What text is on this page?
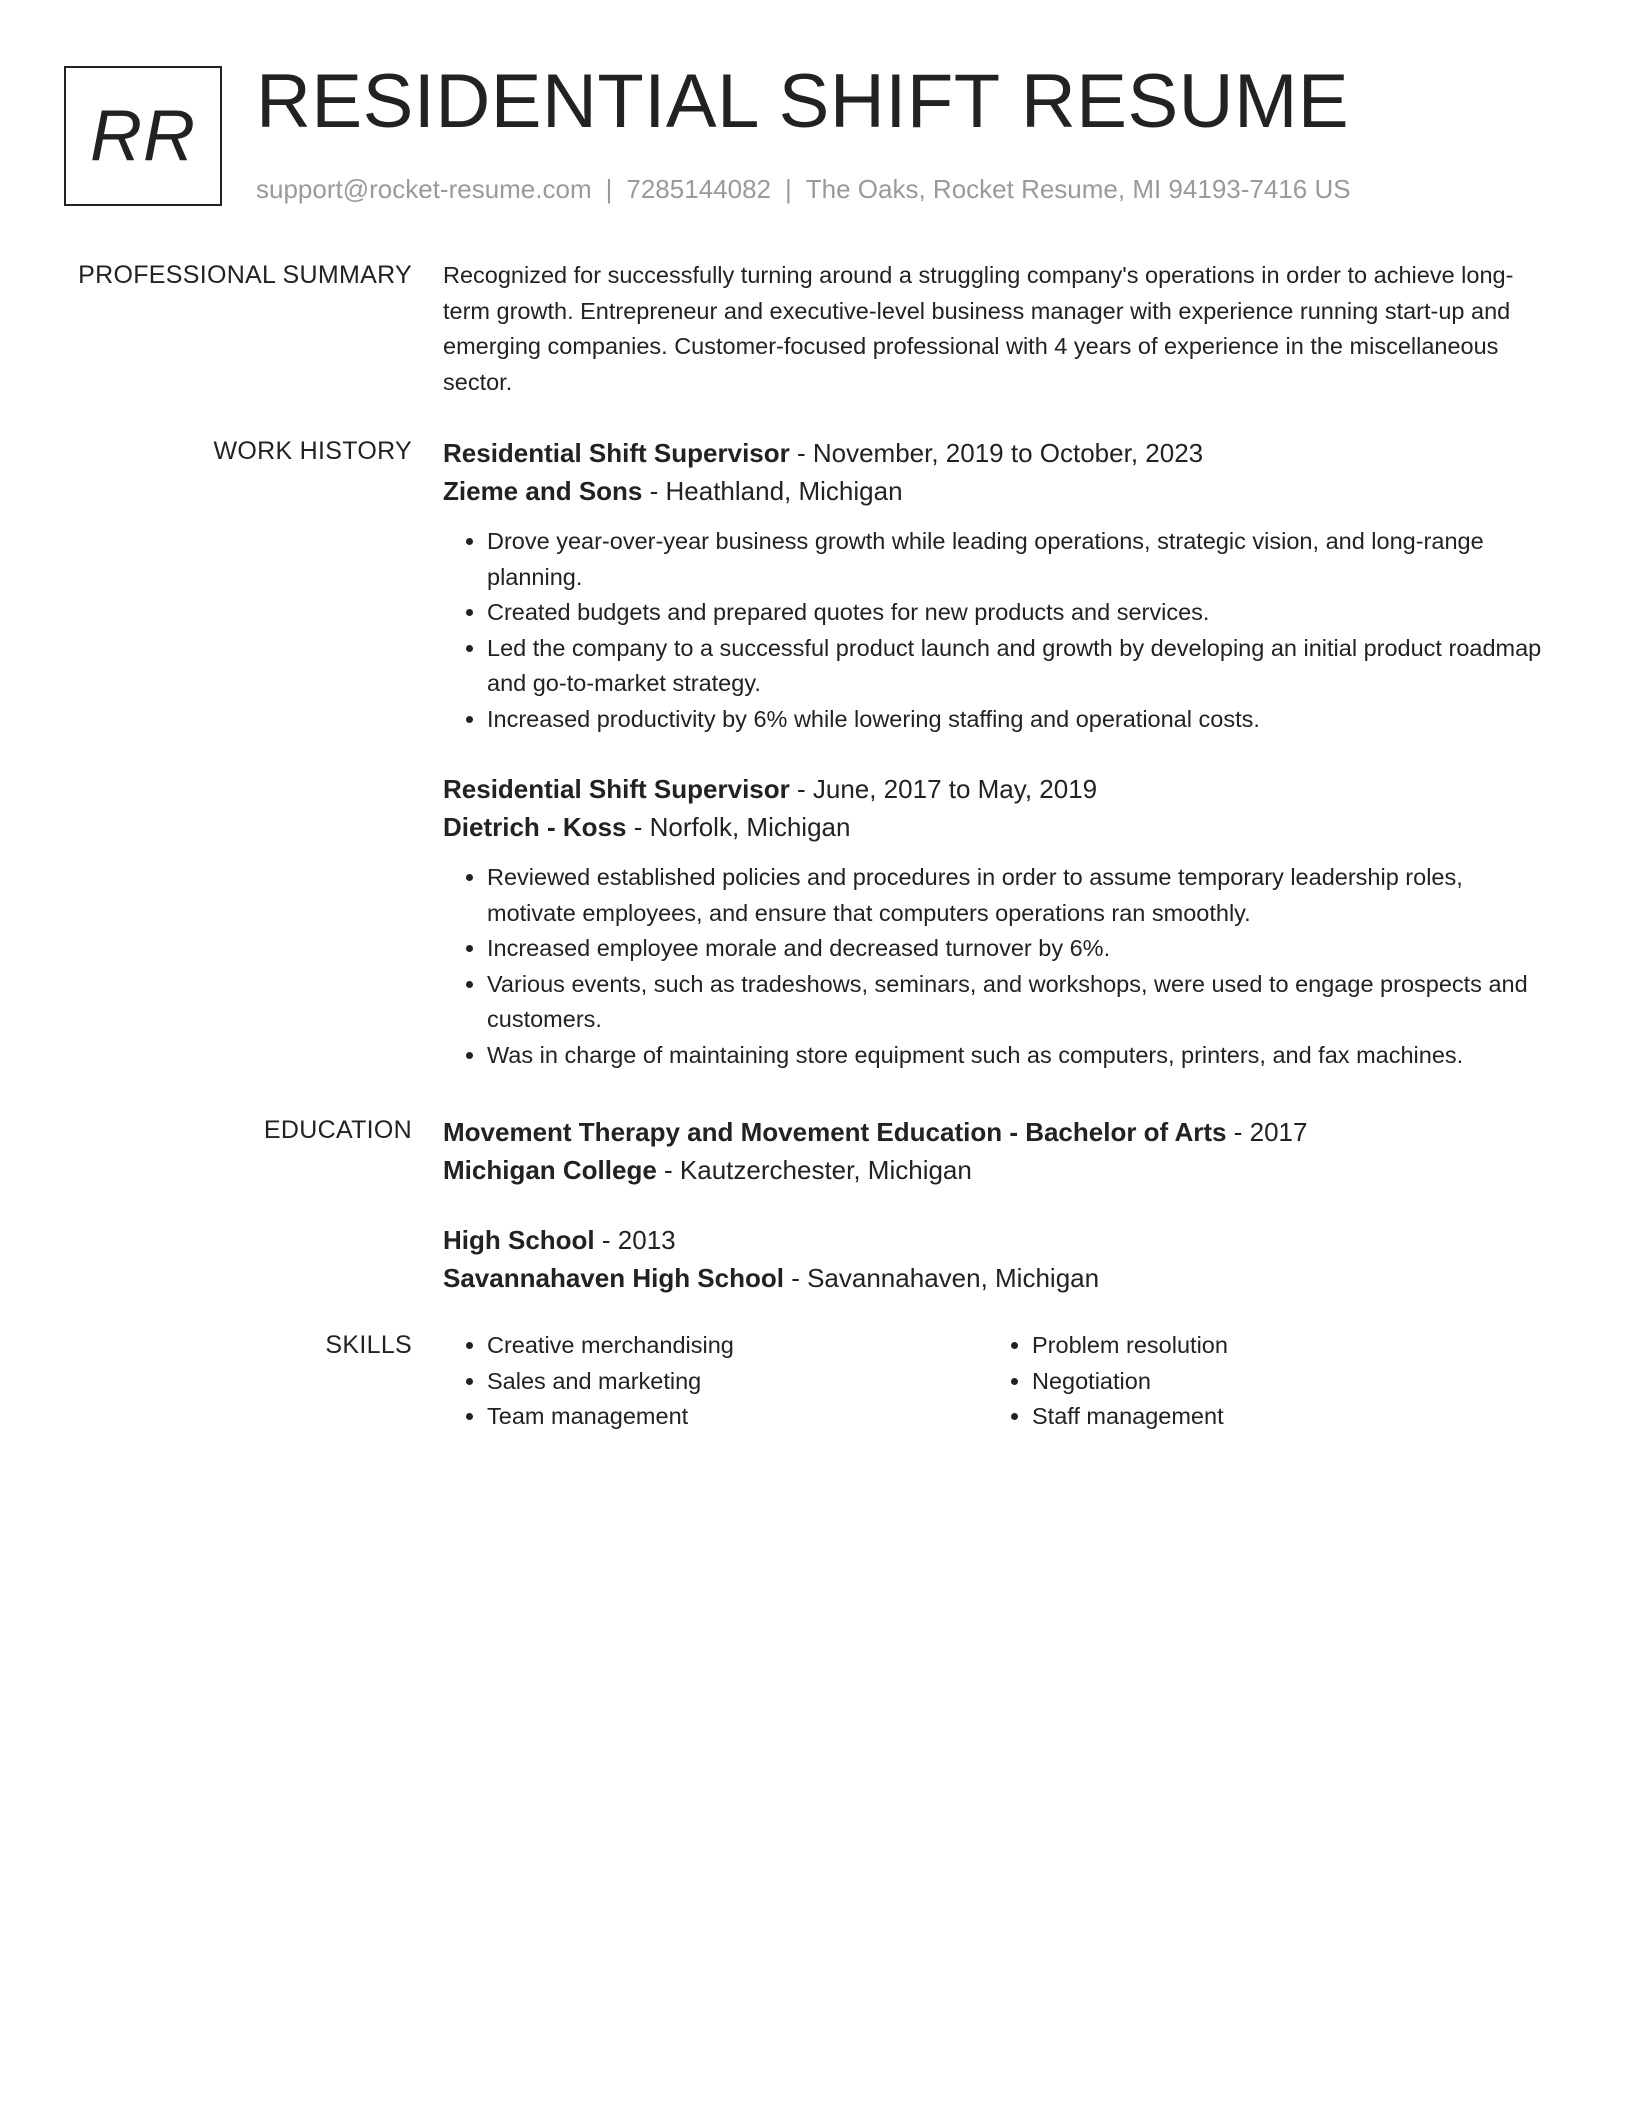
RR RESIDENTIAL SHIFT RESUME
support@rocket-resume.com | 7285144082 | The Oaks, Rocket Resume, MI 94193-7416 US
PROFESSIONAL SUMMARY Recognized for successfully turning around a struggling company's operations in order to achieve long-term growth. Entrepreneur and executive-level business manager with experience running start-up and emerging companies. Customer-focused professional with 4 years of experience in the miscellaneous sector.

WORK HISTORY Residential Shift Supervisor - November, 2019 to October, 2023
Zieme and Sons - Heathland, Michigan
• Drove year-over-year business growth while leading operations, strategic vision, and long-range planning.
• Created budgets and prepared quotes for new products and services.
• Led the company to a successful product launch and growth by developing an initial product roadmap and go-to-market strategy.
• Increased productivity by 6% while lowering staffing and operational costs.
Residential Shift Supervisor - June, 2017 to May, 2019
Dietrich - Koss - Norfolk, Michigan
• Reviewed established policies and procedures in order to assume temporary leadership roles, motivate employees, and ensure that computers operations ran smoothly.
• Increased employee morale and decreased turnover by 6%.
• Various events, such as tradeshows, seminars, and workshops, were used to engage prospects and customers.
• Was in charge of maintaining store equipment such as computers, printers, and fax machines.
EDUCATION Movement Therapy and Movement Education - Bachelor of Arts - 2017
Michigan College - Kautzerchester, Michigan
High School - 2013
Savannahaven High School - Savannahaven, Michigan
SKILLS
•	Creative merchandising
• Sales and marketing
• Team management
• Problem resolution
• Negotiation
• Staff management
